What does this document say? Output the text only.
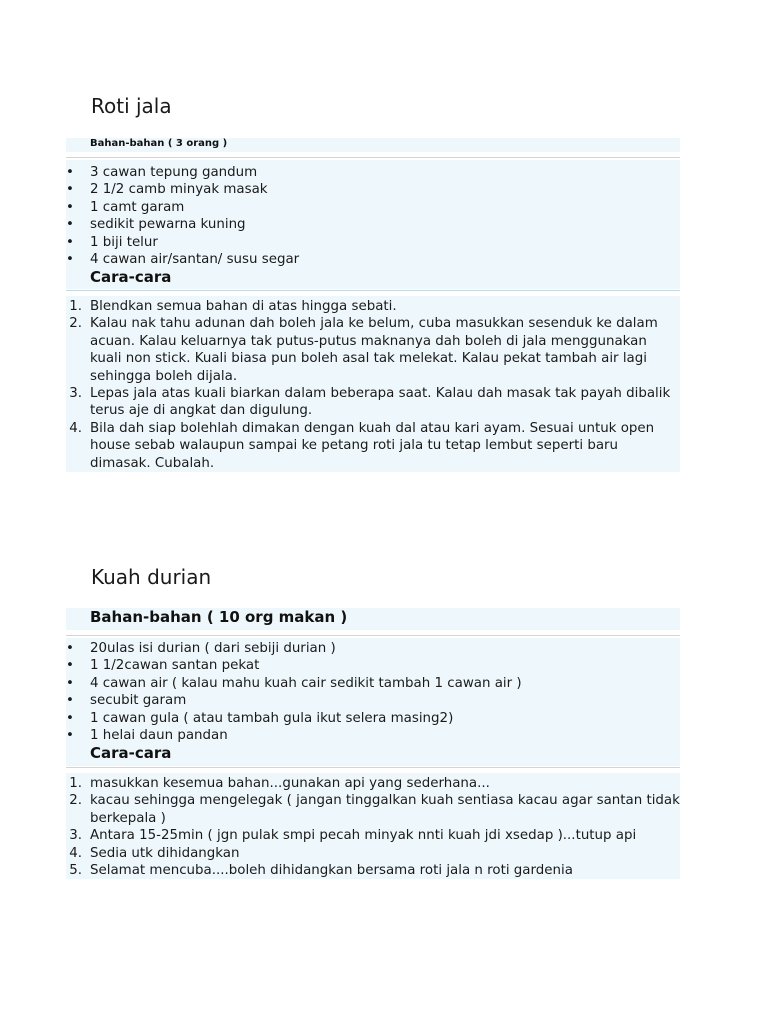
Roti jala
Bahan-bahan ( 3 orang )
• 3 cawan tepung gandum
• 2 1/2 camb minyak masak
• 1 camt garam
• sedikit pewarna kuning
• 1 biji telur
• 4 cawan air/santan/ susu segar
Cara-cara
1. Blendkan semua bahan di atas hingga sebati.
2. Kalau nak tahu adunan dah boleh jala ke belum, cuba masukkan sesenduk ke dalam acuan. Kalau keluarnya tak putus-putus maknanya dah boleh di jala menggunakan kuali non stick. Kuali biasa pun boleh asal tak melekat. Kalau pekat tambah air lagi sehingga boleh dijala.
3. Lepas jala atas kuali biarkan dalam beberapa saat. Kalau dah masak tak payah dibalik terus aje di angkat dan digulung.
4. Bila dah siap bolehlah dimakan dengan kuah dal atau kari ayam. Sesuai untuk open house sebab walaupun sampai ke petang roti jala tu tetap lembut seperti baru dimasak. Cubalah.
Kuah durian
Bahan-bahan ( 10 org makan )
• 20ulas isi durian ( dari sebiji durian )
• 1 1/2cawan santan pekat
• 4 cawan air ( kalau mahu kuah cair sedikit tambah 1 cawan air )
• secubit garam
• 1 cawan gula ( atau tambah gula ikut selera masing2)
• 1 helai daun pandan
Cara-cara
1. masukkan kesemua bahan...gunakan api yang sederhana...
2. kacau sehingga mengelegak ( jangan tinggalkan kuah sentiasa kacau agar santan tidak berkepala )
3. Antara 15-25min ( jgn pulak smpi pecah minyak nnti kuah jdi xsedap )...tutup api
4. Sedia utk dihidangkan
5. Selamat mencuba....boleh dihidangkan bersama roti jala n roti gardenia
